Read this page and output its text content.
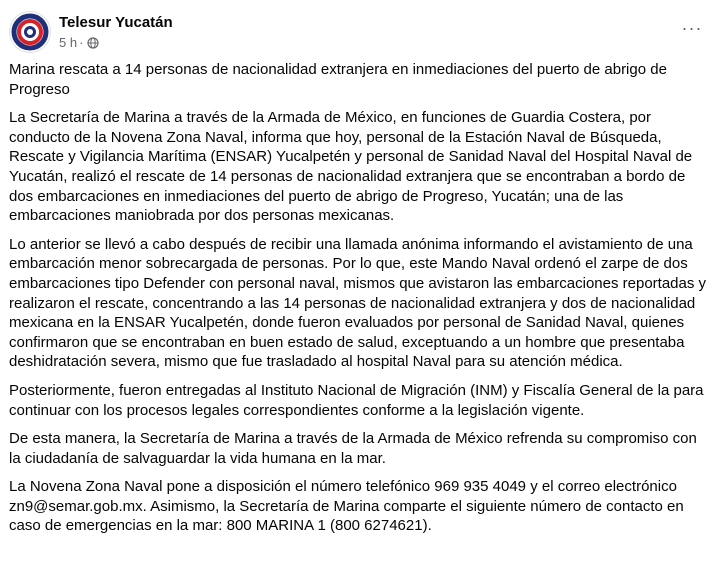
Telesur Yucatán
5 h ·
···

Marina rescata a 14 personas de nacionalidad extranjera en inmediaciones del puerto de abrigo de Progreso

La Secretaría de Marina a través de la Armada de México, en funciones de Guardia Costera, por conducto de la Novena Zona Naval, informa que hoy, personal de la Estación Naval de Búsqueda, Rescate y Vigilancia Marítima (ENSAR) Yucalpetén y personal de Sanidad Naval del Hospital Naval de Yucatán, realizó el rescate de 14 personas de nacionalidad extranjera que se encontraban a bordo de dos embarcaciones en inmediaciones del puerto de abrigo de Progreso, Yucatán; una de las embarcaciones maniobrada por dos personas mexicanas.

Lo anterior se llevó a cabo después de recibir una llamada anónima informando el avistamiento de una embarcación menor sobrecargada de personas. Por lo que, este Mando Naval ordenó el zarpe de dos embarcaciones tipo Defender con personal naval, mismos que avistaron las embarcaciones reportadas y realizaron el rescate, concentrando a las 14 personas de nacionalidad extranjera y dos de nacionalidad mexicana en la ENSAR Yucalpetén, donde fueron evaluados por personal de Sanidad Naval, quienes confirmaron que se encontraban en buen estado de salud, exceptuando a un hombre que presentaba deshidratación severa, mismo que fue trasladado al hospital Naval para su atención médica.

Posteriormente, fueron entregadas al Instituto Nacional de Migración (INM) y Fiscalía General de la para continuar con los procesos legales correspondientes conforme a la legislación vigente.

De esta manera, la Secretaría de Marina a través de la Armada de México refrenda su compromiso con la ciudadanía de salvaguardar la vida humana en la mar.

La Novena Zona Naval pone a disposición el número telefónico 969 935 4049 y el correo electrónico zn9@semar.gob.mx. Asimismo, la Secretaría de Marina comparte el siguiente número de contacto en caso de emergencias en la mar: 800 MARINA 1 (800 6274621).
